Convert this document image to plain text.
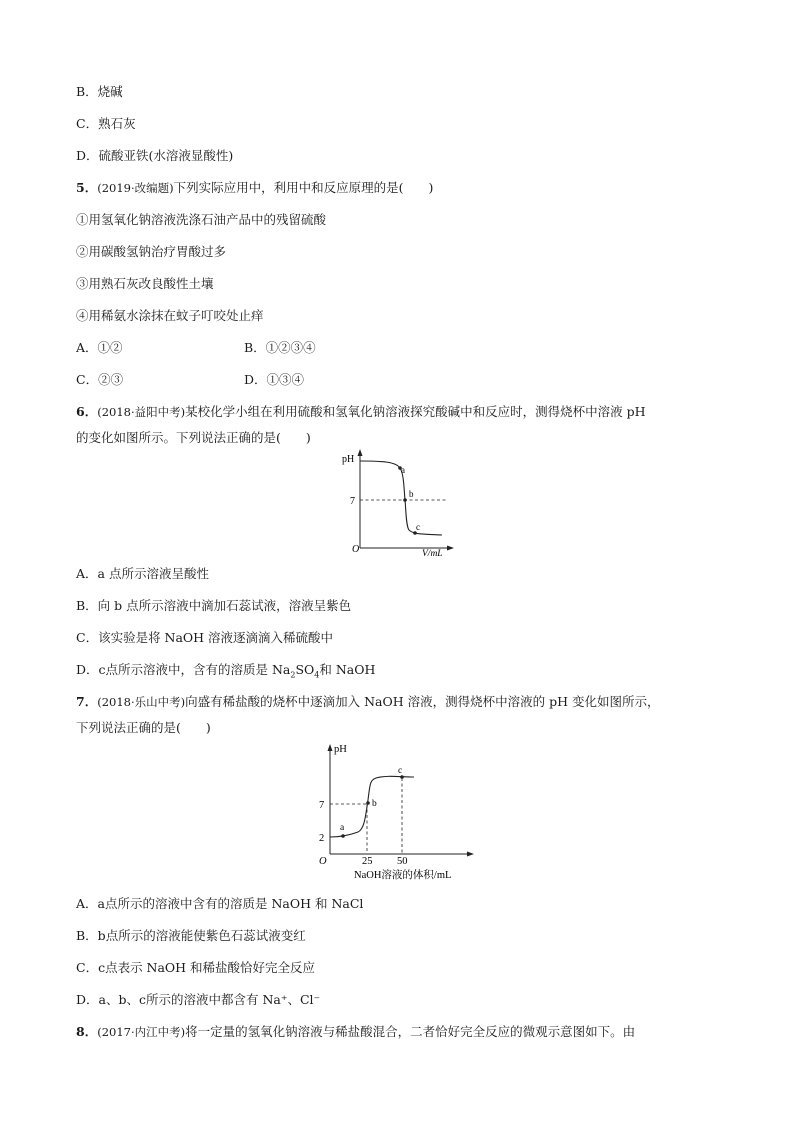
B．烧碱
C．熟石灰
D．硫酸亚铁(水溶液显酸性)
5．(2019·改编题)下列实际应用中，利用中和反应原理的是(　　)
①用氢氧化钠溶液洗涤石油产品中的残留硫酸
②用碳酸氢钠治疗胃酸过多
③用熟石灰改良酸性土壤
④用稀氨水涂抹在蚊子叮咬处止痒
A．①②	B．①②③④
C．②③	D．①③④
6．(2018·益阳中考)某校化学小组在利用硫酸和氢氧化钠溶液探究酸碱中和反应时，测得烧杯中溶液 pH
的变化如图所示。下列说法正确的是(　　)
pH
7
O	V/mL
a
b
c
A．a 点所示溶液呈酸性
B．向 b 点所示溶液中滴加石蕊试液，溶液呈紫色
C．该实验是将 NaOH 溶液逐滴滴入稀硫酸中
D．c点所示溶液中，含有的溶质是 $Na_2SO_4$和 NaOH
7．(2018·乐山中考)向盛有稀盐酸的烧杯中逐滴加入 NaOH 溶液，测得烧杯中溶液的 pH 变化如图所示，
下列说法正确的是(　　)
pH
7
2
O	25 50
NaOH溶液的体积/mL
a
b
c
A．a点所示的溶液中含有的溶质是 NaOH 和 NaCl
B．b点所示的溶液能使紫色石蕊试液变红
C．c点表示 NaOH 和稀盐酸恰好完全反应
D．a、b、c所示的溶液中都含有 Na⁺、Cl⁻
8．(2017·内江中考)将一定量的氢氧化钠溶液与稀盐酸混合，二者恰好完全反应的微观示意图如下。由
